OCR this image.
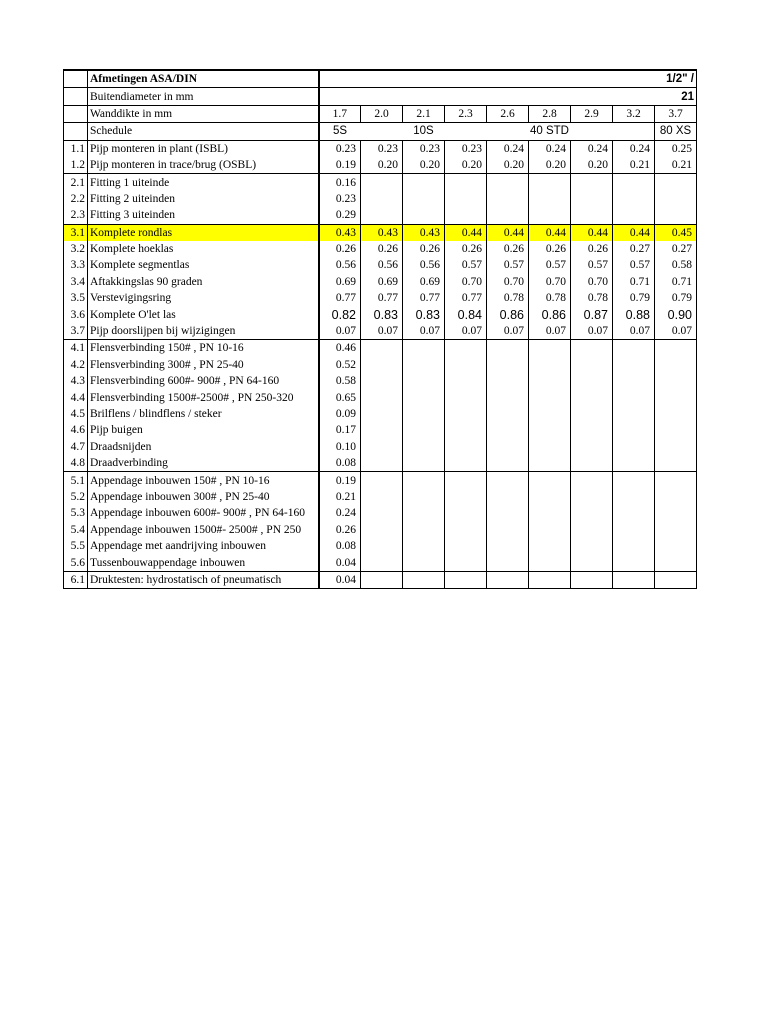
	Afmetingen ASA/DIN	1/2" /								
	Buitendiameter in mm	21								
	Wanddikte in mm	1.7	2.0	2.1	2.3	2.6	2.8	2.9	3.2	3.7
	Schedule	5S		10S		40 STD				80 XS
1.1	Pijp monteren in plant (ISBL)	0.23	0.23	0.23	0.23	0.24	0.24	0.24	0.24	0.25
1.2	Pijp monteren in trace/brug (OSBL)	0.19	0.20	0.20	0.20	0.20	0.20	0.20	0.21	0.21
2.1	Fitting 1 uiteinde	0.16								
2.2	Fitting 2 uiteinden	0.23								
2.3	Fitting 3 uiteinden	0.29								
3.1	Komplete rondlas	0.43	0.43	0.43	0.44	0.44	0.44	0.44	0.44	0.45
3.2	Komplete hoeklas	0.26	0.26	0.26	0.26	0.26	0.26	0.26	0.27	0.27
3.3	Komplete segmentlas	0.56	0.56	0.56	0.57	0.57	0.57	0.57	0.57	0.58
3.4	Aftakkingslas 90 graden	0.69	0.69	0.69	0.70	0.70	0.70	0.70	0.71	0.71
3.5	Verstevigingsring	0.77	0.77	0.77	0.77	0.78	0.78	0.78	0.79	0.79
3.6	Komplete O'let las	0.82	0.83	0.83	0.84	0.86	0.86	0.87	0.88	0.90
3.7	Pijp doorslijpen bij wijzigingen	0.07	0.07	0.07	0.07	0.07	0.07	0.07	0.07	0.07
4.1	Flensverbinding 150# , PN 10-16	0.46								
4.2	Flensverbinding 300# , PN 25-40	0.52								
4.3	Flensverbinding 600#- 900# , PN 64-160	0.58								
4.4	Flensverbinding 1500#-2500# , PN 250-320	0.65								
4.5	Brilflens / blindflens / steker	0.09								
4.6	Pijp buigen	0.17								
4.7	Draadsnijden	0.10								
4.8	Draadverbinding	0.08								
5.1	Appendage inbouwen 150# , PN 10-16	0.19								
5.2	Appendage inbouwen 300# , PN 25-40	0.21								
5.3	Appendage inbouwen 600#- 900# , PN 64-160	0.24								
5.4	Appendage inbouwen 1500#- 2500# , PN 250	0.26								
5.5	Appendage met aandrijving inbouwen	0.08								
5.6	Tussenbouwappendage inbouwen	0.04								
6.1	Druktesten: hydrostatisch of pneumatisch	0.04								
